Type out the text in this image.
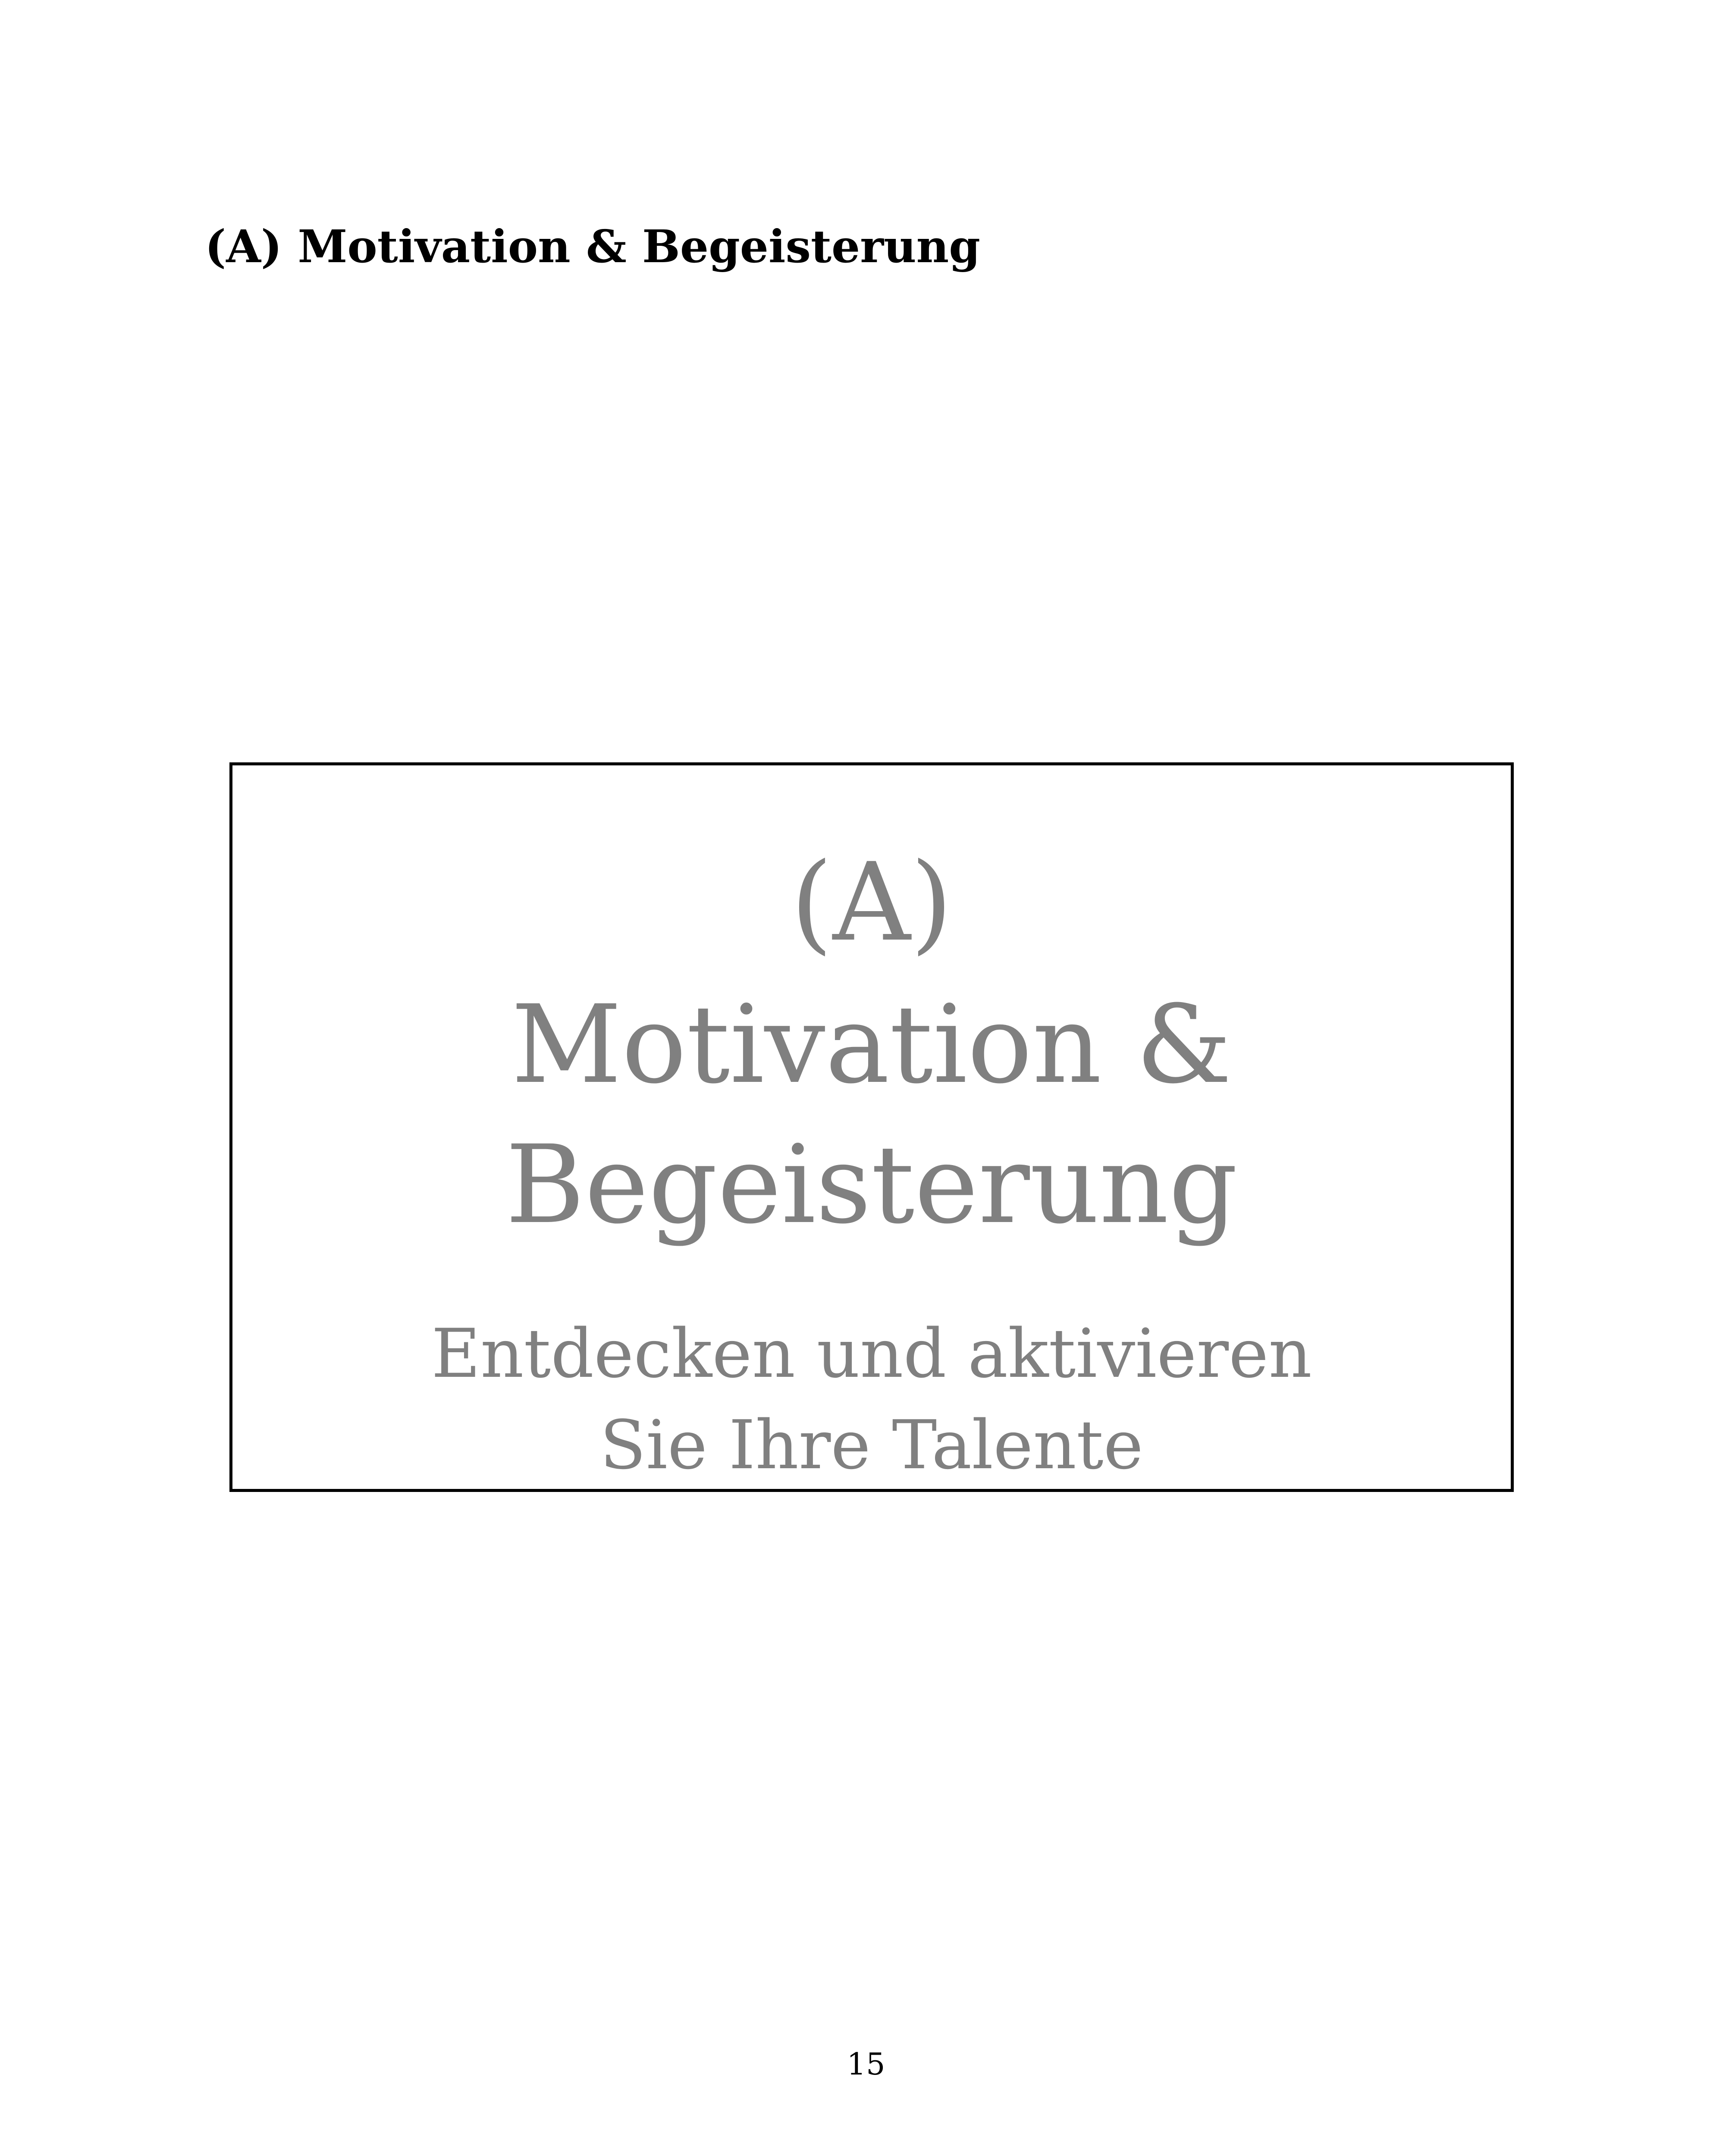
(A) Motivation & Begeisterung

(A)

Motivation &
Begeisterung
Entdecken und aktivieren
Sie Ihre Talente

15
